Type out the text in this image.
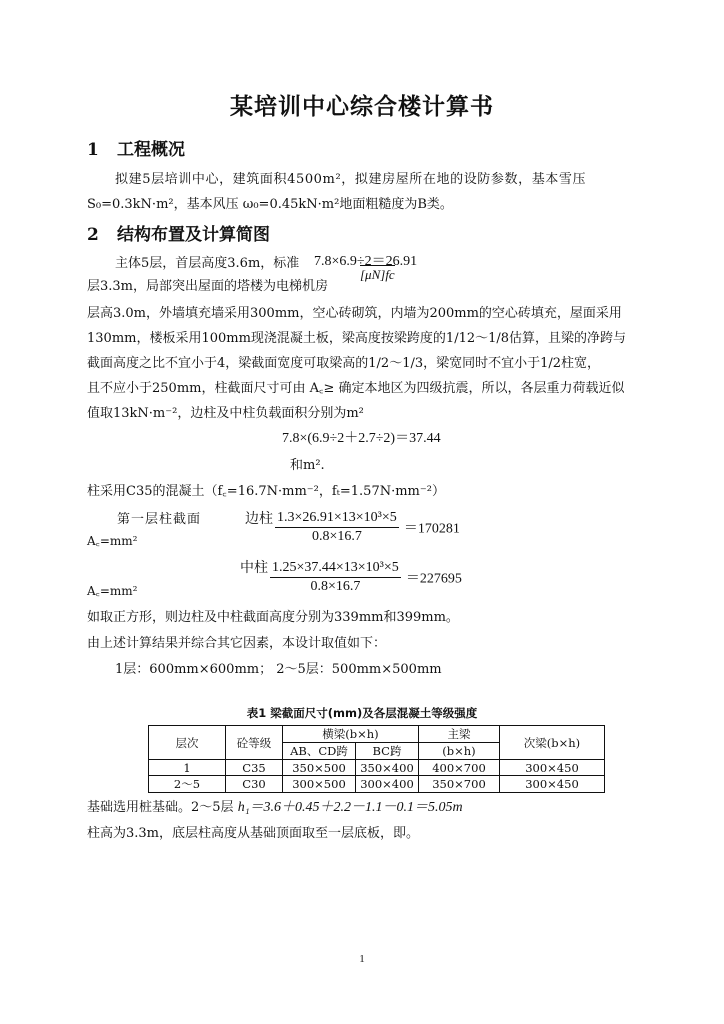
某培训中心综合楼计算书
1 工程概况
拟建5层培训中心，建筑面积4500m²，拟建房屋所在地的设防参数，基本雪压
S₀=0.3kN·m²，基本风压 ω₀=0.45kN·m²地面粗糙度为B类。
2 结构布置及计算简图
主体5层，首层高度3.6m，标准 7.8×6.9÷2＝26.91
[μN]fc
层3.3m，局部突出屋面的塔楼为电梯机房
层高3.0m，外墙填充墙采用300mm，空心砖砌筑，内墙为200mm的空心砖填充，屋面采用
130mm，楼板采用100mm现浇混凝土板，梁高度按梁跨度的1/12～1/8估算，且梁的净跨与
截面高度之比不宜小于4，梁截面宽度可取梁高的1/2～1/3，梁宽同时不宜小于1/2柱宽，
且不应小于250mm，柱截面尺寸可由 A꜀≥ 确定本地区为四级抗震，所以，各层重力荷载近似
值取13kN·m⁻²，边柱及中柱负载面积分别为m²
7.8×(6.9÷2＋2.7÷2)＝37.44
和m².
柱采用C35的混凝土（f꜀=16.7N·mm⁻²，fₜ=1.57N·mm⁻²）
第一层柱截面	边柱 $\frac{\text{1.3×26.91×13×10³×5}}{0.8\times 16.7} =170281$
A꜀=mm²
中柱 $\frac{\text{1.25×37.44×13×10³×5}}{0.8\times 16.7} =227695$
A꜀=mm²
如取正方形，则边柱及中柱截面高度分别为339mm和399mm。
由上述计算结果并综合其它因素，本设计取值如下：
1层：600mm×600mm； 2～5层：500mm×500mm
表1 梁截面尺寸(mm)及各层混凝土等级强度
层次	砼等级	横梁(b×h)		主梁	次梁(b×h)
		AB、CD跨	BC跨	(b×h)	
1	C35	350×500	350×400	400×700	300×450
2～5	C30	300×500	300×400	350×700	300×450
基础选用桩基础。2～5层 h₁＝3.6＋0.45＋2.2－1.1－0.1＝5.05m
柱高为3.3m，底层柱高度从基础顶面取至一层底板，即。
1
